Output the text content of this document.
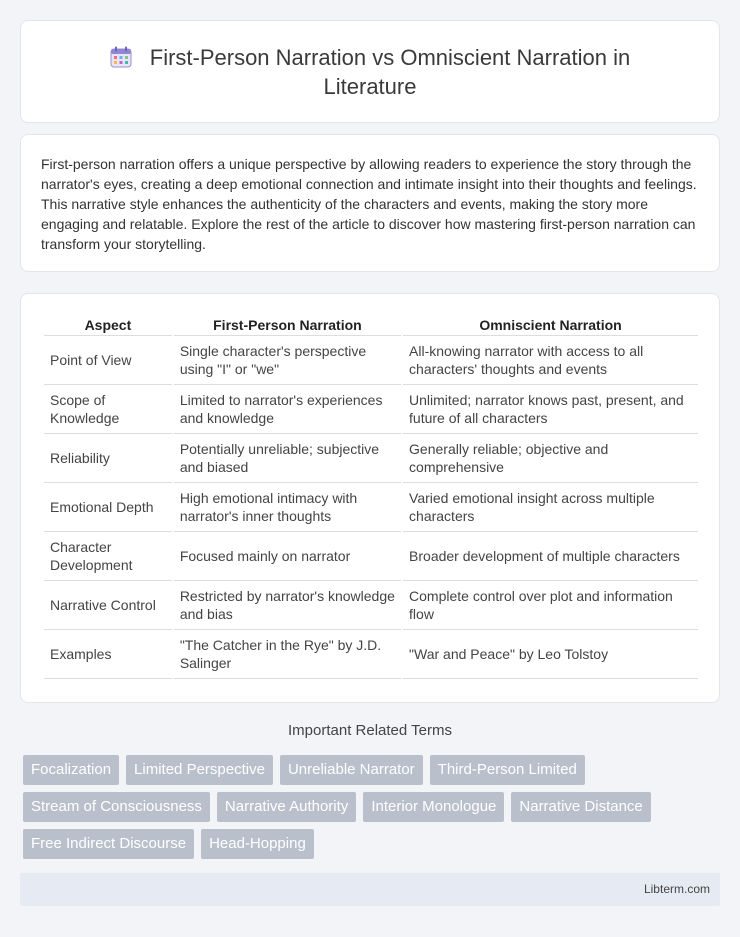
First-Person Narration vs Omniscient Narration in Literature

First-person narration offers a unique perspective by allowing readers to experience the story through the narrator's eyes, creating a deep emotional connection and intimate insight into their thoughts and feelings. This narrative style enhances the authenticity of the characters and events, making the story more engaging and relatable. Explore the rest of the article to discover how mastering first-person narration can transform your storytelling.

Aspect	First-Person Narration	Omniscient Narration
Point of View	Single character's perspective using "I" or "we"	All-knowing narrator with access to all characters' thoughts and events
Scope of Knowledge	Limited to narrator's experiences and knowledge	Unlimited; narrator knows past, present, and future of all characters
Reliability	Potentially unreliable; subjective and biased	Generally reliable; objective and comprehensive
Emotional Depth	High emotional intimacy with narrator's inner thoughts	Varied emotional insight across multiple characters
Character Development	Focused mainly on narrator	Broader development of multiple characters
Narrative Control	Restricted by narrator's knowledge and bias	Complete control over plot and information flow
Examples	"The Catcher in the Rye" by J.D. Salinger	"War and Peace" by Leo Tolstoy
Important Related Terms
Focalization	Limited Perspective	Unreliable Narrator	Third-Person Limited
Stream of Consciousness	Narrative Authority	Interior Monologue	Narrative Distance
Free Indirect Discourse	Head-Hopping
Libterm.com
